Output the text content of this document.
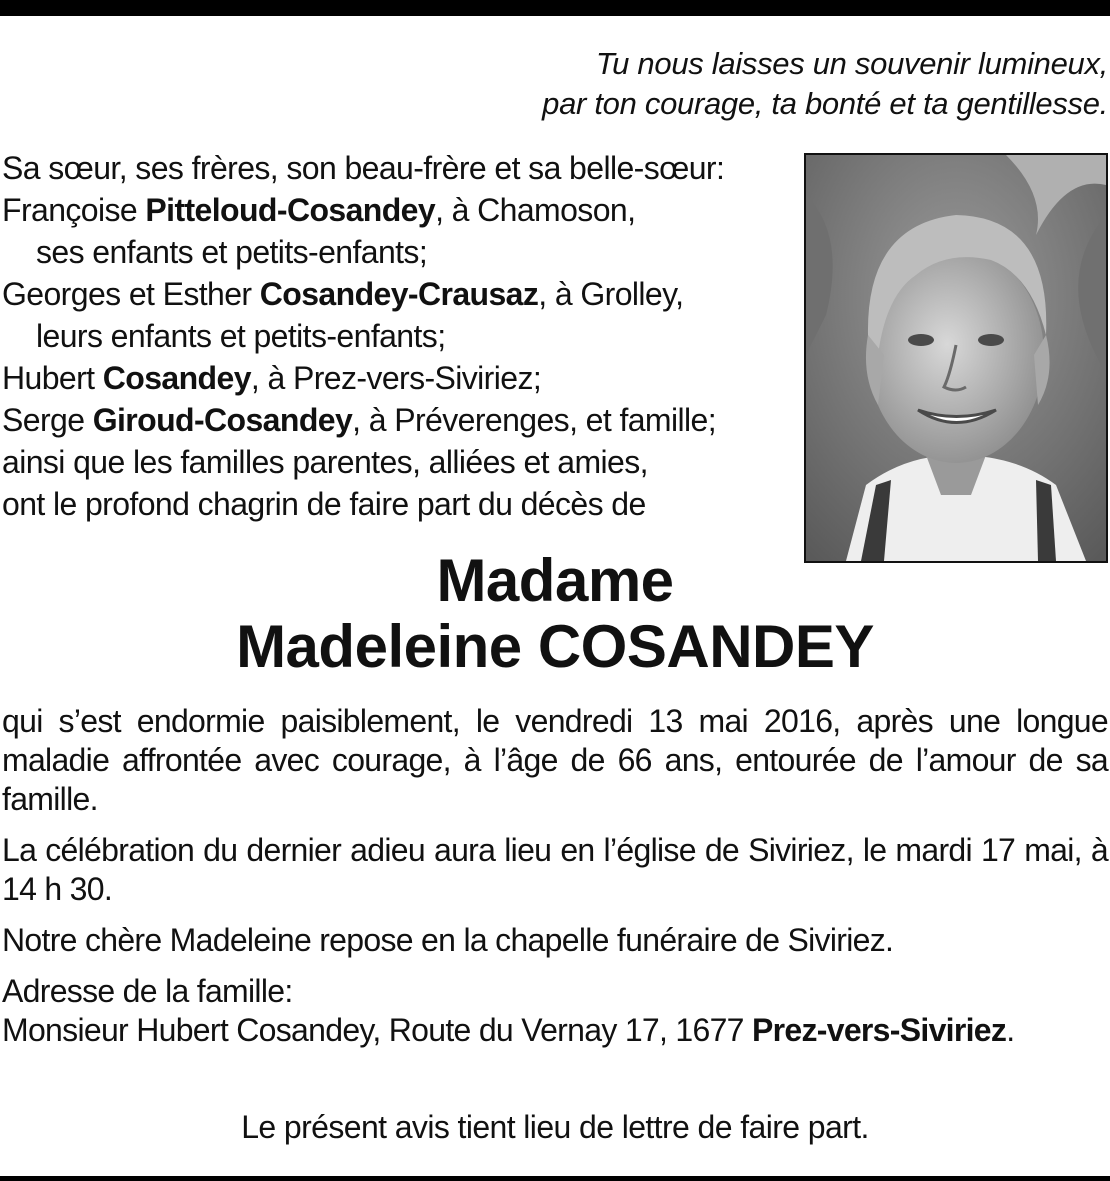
Tu nous laisses un souvenir lumineux,
par ton courage, ta bonté et ta gentillesse.
Sa sœur, ses frères, son beau-frère et sa belle-sœur:
Françoise Pitteloud-Cosandey, à Chamoson,
ses enfants et petits-enfants;
Georges et Esther Cosandey-Crausaz, à Grolley,
leurs enfants et petits-enfants;
Hubert Cosandey, à Prez-vers-Siviriez;
Serge Giroud-Cosandey, à Préverenges, et famille;
ainsi que les familles parentes, alliées et amies,
ont le profond chagrin de faire part du décès de
Madame
Madeleine COSANDEY

qui s’est endormie paisiblement, le vendredi 13 mai 2016, après une longue maladie affrontée avec courage, à l’âge de 66 ans, entourée de l’amour de sa famille.

La célébration du dernier adieu aura lieu en l’église de Siviriez, le mardi 17 mai, à 14 h 30.

Notre chère Madeleine repose en la chapelle funéraire de Siviriez.

Adresse de la famille:
Monsieur Hubert Cosandey, Route du Vernay 17, 1677 Prez-vers-Siviriez.

Le présent avis tient lieu de lettre de faire part.
